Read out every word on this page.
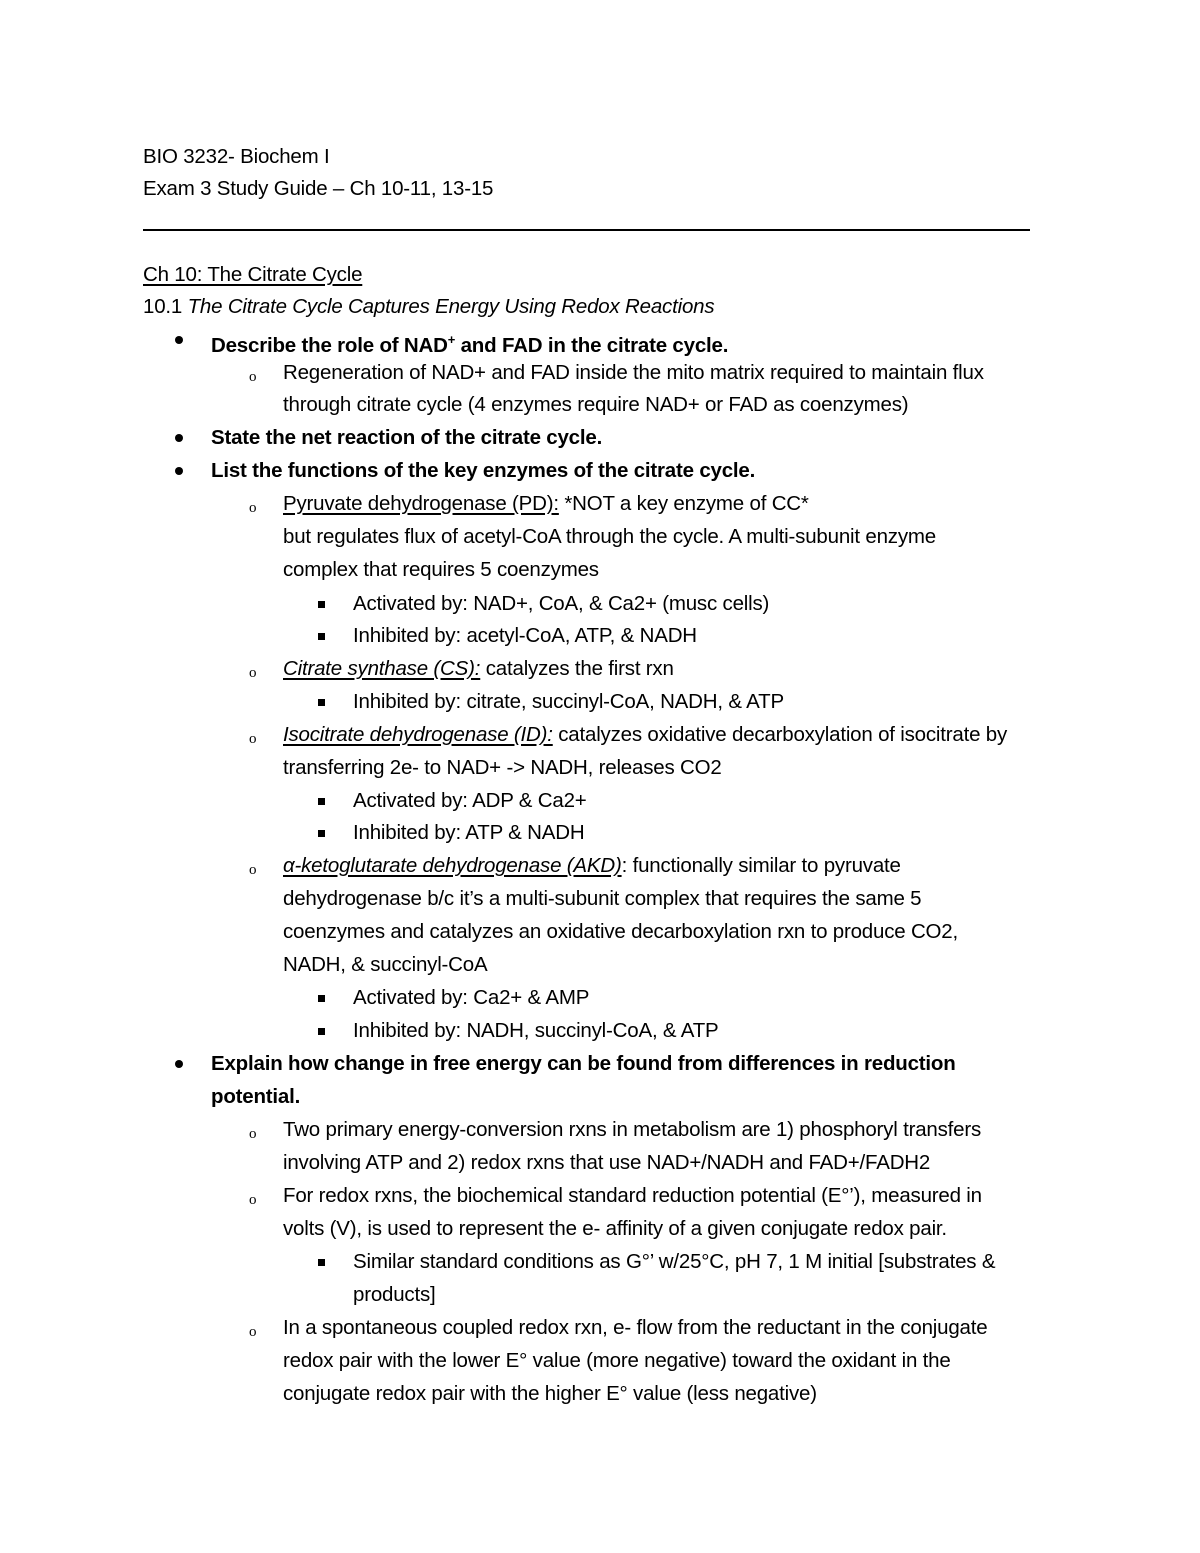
BIO 3232- Biochem I
Exam 3 Study Guide – Ch 10-11, 13-15
Ch 10: The Citrate Cycle
10.1 The Citrate Cycle Captures Energy Using Redox Reactions
Describe the role of NAD+ and FAD in the citrate cycle.
o Regeneration of NAD+ and FAD inside the mito matrix required to maintain flux
through citrate cycle (4 enzymes require NAD+ or FAD as coenzymes)
State the net reaction of the citrate cycle.
List the functions of the key enzymes of the citrate cycle.
o Pyruvate dehydrogenase (PD): *NOT a key enzyme of CC*
but regulates flux of acetyl-CoA through the cycle. A multi-subunit enzyme
complex that requires 5 coenzymes
Activated by: NAD+, CoA, & Ca2+ (musc cells)
Inhibited by: acetyl-CoA, ATP, & NADH
o Citrate synthase (CS): catalyzes the first rxn
Inhibited by: citrate, succinyl-CoA, NADH, & ATP
o Isocitrate dehydrogenase (ID): catalyzes oxidative decarboxylation of isocitrate by
transferring 2e- to NAD+ -> NADH, releases CO2
Activated by: ADP & Ca2+
Inhibited by: ATP & NADH
o α-ketoglutarate dehydrogenase (AKD): functionally similar to pyruvate
dehydrogenase b/c it’s a multi-subunit complex that requires the same 5
coenzymes and catalyzes an oxidative decarboxylation rxn to produce CO2,
NADH, & succinyl-CoA
Activated by: Ca2+ & AMP
Inhibited by: NADH, succinyl-CoA, & ATP
Explain how change in free energy can be found from differences in reduction
potential.
o Two primary energy-conversion rxns in metabolism are 1) phosphoryl transfers
involving ATP and 2) redox rxns that use NAD+/NADH and FAD+/FADH2
o For redox rxns, the biochemical standard reduction potential (E°’), measured in
volts (V), is used to represent the e- affinity of a given conjugate redox pair.
Similar standard conditions as G°’ w/25°C, pH 7, 1 M initial [substrates &
products]
o In a spontaneous coupled redox rxn, e- flow from the reductant in the conjugate
redox pair with the lower E° value (more negative) toward the oxidant in the
conjugate redox pair with the higher E° value (less negative)
